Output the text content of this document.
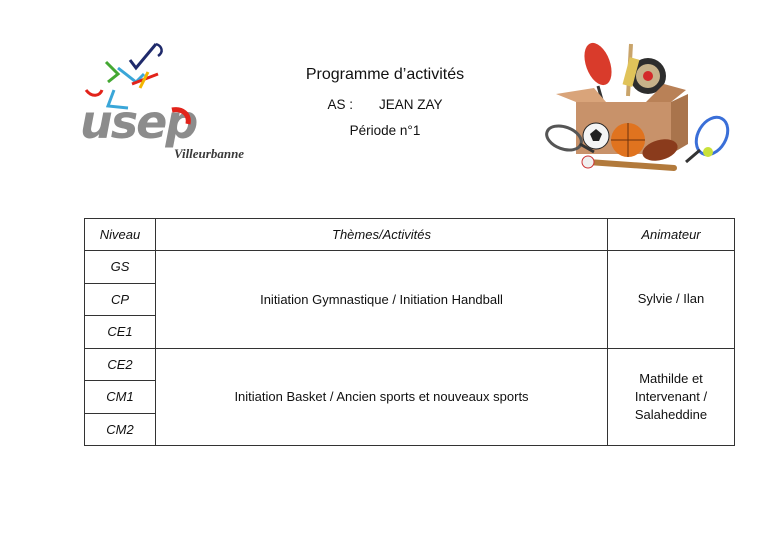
usep
Villeurbanne
Programme d’activités
AS : JEAN ZAY
Période n°1
Niveau	Thèmes/Activités	Animateur
GS	Initiation Gymnastique / Initiation Handball	Sylvie / Ilan

CP		
CE1		
CE2	Initiation Basket / Ancien sports et nouveaux sports	Mathilde et
Intervenant /
Salaheddine

CM1		
CM2		
